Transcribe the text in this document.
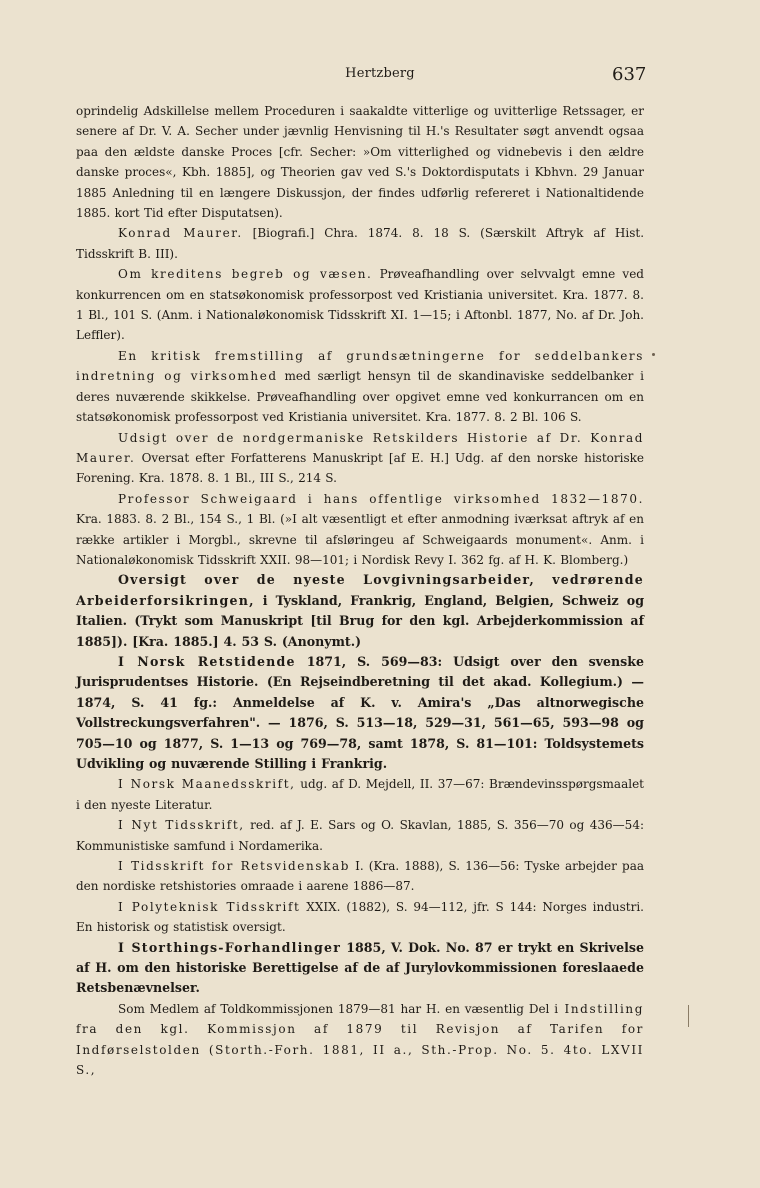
Hertzberg	637

oprindelig Adskillelse mellem Proceduren i saakaldte vitterlige og uvitterlige Retssager, er senere af Dr. V. A. Secher under jævnlig Henvisning til H.'s Resultater søgt anvendt ogsaa paa den ældste danske Proces [cfr. Secher: »Om vitterlighed og vidnebevis i den ældre danske proces«, Kbh. 1885], og Theorien gav ved S.'s Doktordisputats i Kbhvn. 29 Januar 1885 Anledning til en længere Diskussjon, der findes udførlig refereret i Nationaltidende 1885. kort Tid efter Disputatsen).

Konrad Maurer. [Biografi.] Chra. 1874. 8. 18 S. (Særskilt Aftryk af Hist. Tidsskrift B. III).

Om kreditens begreb og væsen. Prøveafhandling over selvvalgt emne ved konkurrencen om en statsøkonomisk professorpost ved Kristiania universitet. Kra. 1877. 8. 1 Bl., 101 S. (Anm. i Nationaløkonomisk Tidsskrift XI. 1—15; i Aftonbl. 1877, No. af Dr. Joh. Leffler).

En kritisk fremstilling af grundsætningerne for seddelbankers indretning og virksomhed med særligt hensyn til de skandinaviske seddelbanker i deres nuværende skikkelse. Prøveafhandling over opgivet emne ved konkurrancen om en statsøkonomisk professorpost ved Kristiania universitet. Kra. 1877. 8. 2 Bl. 106 S.

Udsigt over de nordgermaniske Retskilders Historie af Dr. Konrad Maurer. Oversat efter Forfatterens Manuskript [af E. H.] Udg. af den norske historiske Forening. Kra. 1878. 8. 1 Bl., III S., 214 S.

Professor Schweigaard i hans offentlige virksomhed 1832—1870. Kra. 1883. 8. 2 Bl., 154 S., 1 Bl. (»I alt væsentligt et efter anmodning iværksat aftryk af en række artikler i Morgbl., skrevne til afsløringeu af Schweigaards monument«. Anm. i Nationaløkonomisk Tidsskrift XXII. 98—101; i Nordisk Revy I. 362 fg. af H. K. Blomberg.)

Oversigt over de nyeste Lovgivningsarbeider, vedrørende Arbeiderforsikringen, i Tyskland, Frankrig, England, Belgien, Schweiz og Italien. (Trykt som Manuskript [til Brug for den kgl. Arbejderkommission af 1885]). [Kra. 1885.] 4. 53 S. (Anonymt.)

I Norsk Retstidende 1871, S. 569—83: Udsigt over den svenske Jurisprudentses Historie. (En Rejseindberetning til det akad. Kollegium.) — 1874, S. 41 fg.: Anmeldelse af K. v. Amira's „Das altnorwegische Vollstreckungsverfahren". — 1876, S. 513—18, 529—31, 561—65, 593—98 og 705—10 og 1877, S. 1—13 og 769—78, samt 1878, S. 81—101: Toldsystemets Udvikling og nuværende Stilling i Frankrig.

I Norsk Maanedsskrift, udg. af D. Mejdell, II. 37—67: Brændevinsspørgsmaalet i den nyeste Literatur.

I Nyt Tidsskrift, red. af J. E. Sars og O. Skavlan, 1885, S. 356—70 og 436—54: Kommunistiske samfund i Nordamerika.

I Tidsskrift for Retsvidenskab I. (Kra. 1888), S. 136—56: Tyske arbejder paa den nordiske retshistories omraade i aarene 1886—87.

I Polyteknisk Tidsskrift XXIX. (1882), S. 94—112, jfr. S 144: Norges industri. En historisk og statistisk oversigt.

I Storthings-Forhandlinger 1885, V. Dok. No. 87 er trykt en Skrivelse af H. om den historiske Berettigelse af de af Jurylovkommissionen foreslaaede Retsbenævnelser.

Som Medlem af Toldkommissjonen 1879—81 har H. en væsentlig Del i Indstilling fra den kgl. Kommissjon af 1879 til Revisjon af Tarifen for Indførselstolden (Storth.-Forh. 1881, II a., Sth.-Prop. No. 5. 4to. LXVII S.,
